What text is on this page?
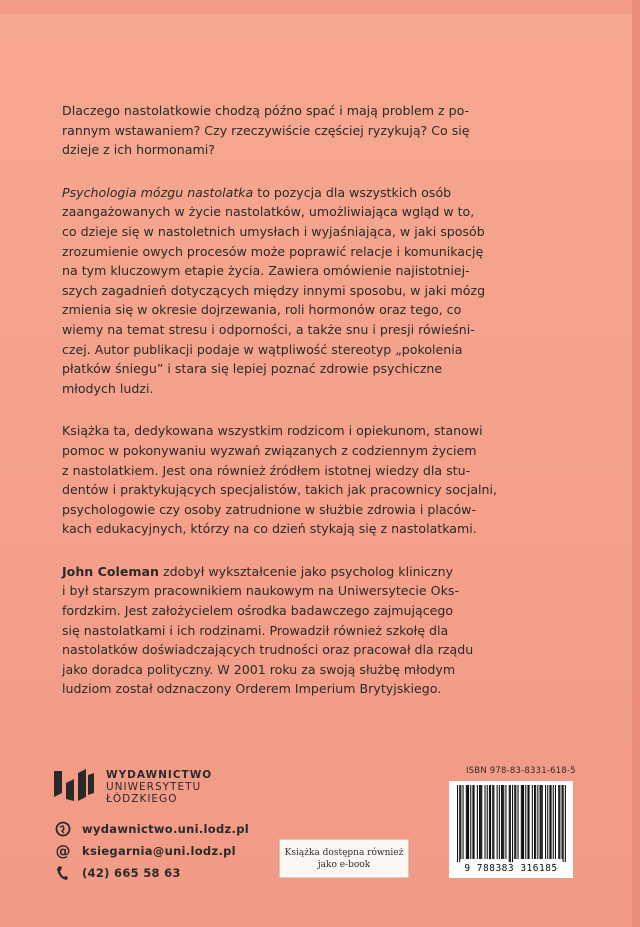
Dlaczego nastolatkowie chodzą późno spać i mają problem z po-
rannym wstawaniem? Czy rzeczywiście częściej ryzykują? Co się
dzieje z ich hormonami?

Psychologia mózgu nastolatka to pozycja dla wszystkich osób
zaangażowanych w życie nastolatków, umożliwiająca wgląd w to,
co dzieje się w nastoletnich umysłach i wyjaśniająca, w jaki sposób
zrozumienie owych procesów może poprawić relacje i komunikację
na tym kluczowym etapie życia. Zawiera omówienie najistotniej-
szych zagadnień dotyczących między innymi sposobu, w jaki mózg
zmienia się w okresie dojrzewania, roli hormonów oraz tego, co
wiemy na temat stresu i odporności, a także snu i presji rówieśni-
czej. Autor publikacji podaje w wątpliwość stereotyp „pokolenia
płatków śniegu” i stara się lepiej poznać zdrowie psychiczne
młodych ludzi.

Książka ta, dedykowana wszystkim rodzicom i opiekunom, stanowi
pomoc w pokonywaniu wyzwań związanych z codziennym życiem
z nastolatkiem. Jest ona również źródłem istotnej wiedzy dla stu-
dentów i praktykujących specjalistów, takich jak pracownicy socjalni,
psychologowie czy osoby zatrudnione w służbie zdrowia i placów-
kach edukacyjnych, którzy na co dzień stykają się z nastolatkami.

John Coleman zdobył wykształcenie jako psycholog kliniczny
i był starszym pracownikiem naukowym na Uniwersytecie Oks-
fordzkim. Jest założycielem ośrodka badawczego zajmującego
się nastolatkami i ich rodzinami. Prowadził również szkołę dla
nastolatków doświadczających trudności oraz pracował dla rządu
jako doradca polityczny. W 2001 roku za swoją służbę młodym
ludziom został odznaczony Orderem Imperium Brytyjskiego.

WYDAWNICTWO
UNIWERSYTETU
ŁÓDZKIEGO
wydawnictwo.uni.lodz.pl
@ ksiegarnia@uni.lodz.pl
(42) 665 58 63
Książka dostępna również
jako e-book
ISBN 978-83-8331-618-5
9 788383 316185
